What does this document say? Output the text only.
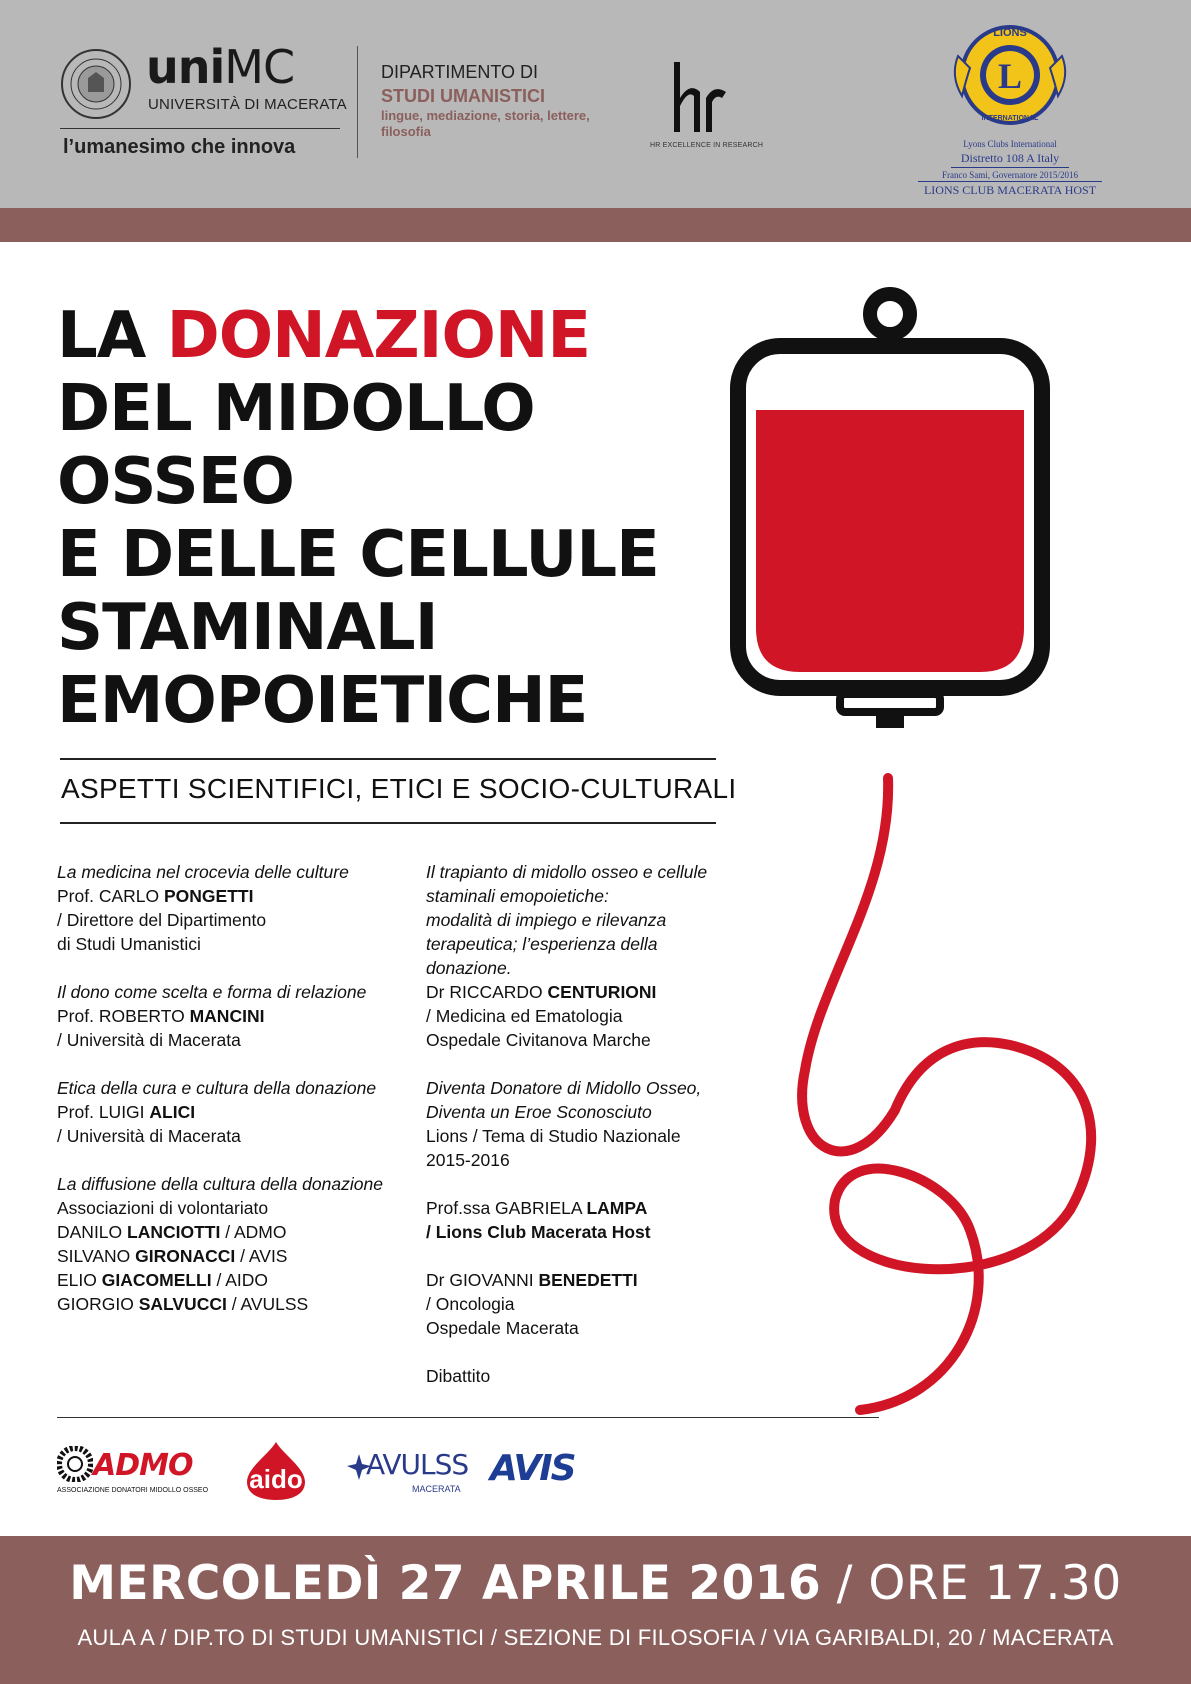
uniMC
UNIVERSITÀ DI MACERATA
l’umanesimo che innova
DIPARTIMENTO DI
STUDI UMANISTICI
lingue, mediazione, storia, lettere, filosofia
HR EXCELLENCE IN RESEARCH
L
LIONS
INTERNATIONAL
Lyons Clubs International
Distretto 108 A Italy
Franco Sami, Governatore 2015/2016
LIONS CLUB MACERATA HOST
LA DONAZIONE
DEL MIDOLLO
OSSEO
E DELLE CELLULE
STAMINALI
EMOPOIETICHE
ASPETTI SCIENTIFICI, ETICI E SOCIO-CULTURALI
La medicina nel crocevia delle culture
Prof. CARLO PONGETTI
/ Direttore del Dipartimento
di Studi Umanistici
Il dono come scelta e forma di relazione
Prof. ROBERTO MANCINI
/ Università di Macerata
Etica della cura e cultura della donazione
Prof. LUIGI ALICI
/ Università di Macerata
La diffusione della cultura della donazione
Associazioni di volontariato
DANILO LANCIOTTI / ADMO
SILVANO GIRONACCI / AVIS
ELIO GIACOMELLI / AIDO
GIORGIO SALVUCCI / AVULSS
Il trapianto di midollo osseo e cellule
staminali emopoietiche:
modalità di impiego e rilevanza
terapeutica; l’esperienza della
donazione.
Dr RICCARDO CENTURIONI
/ Medicina ed Ematologia
Ospedale Civitanova Marche
Diventa Donatore di Midollo Osseo,
Diventa un Eroe Sconosciuto
Lions / Tema di Studio Nazionale
2015-2016
Prof.ssa GABRIELA LAMPA
/ Lions Club Macerata Host
Dr GIOVANNI BENEDETTI
/ Oncologia
Ospedale Macerata
Dibattito
ADMO
ASSOCIAZIONE DONATORI MIDOLLO OSSEO aido AVULSS
MACERATA AVIS
MERCOLEDÌ 27 APRILE 2016 / ORE 17.30
AULA A / DIP.TO DI STUDI UMANISTICI / SEZIONE DI FILOSOFIA / VIA GARIBALDI, 20 / MACERATA
